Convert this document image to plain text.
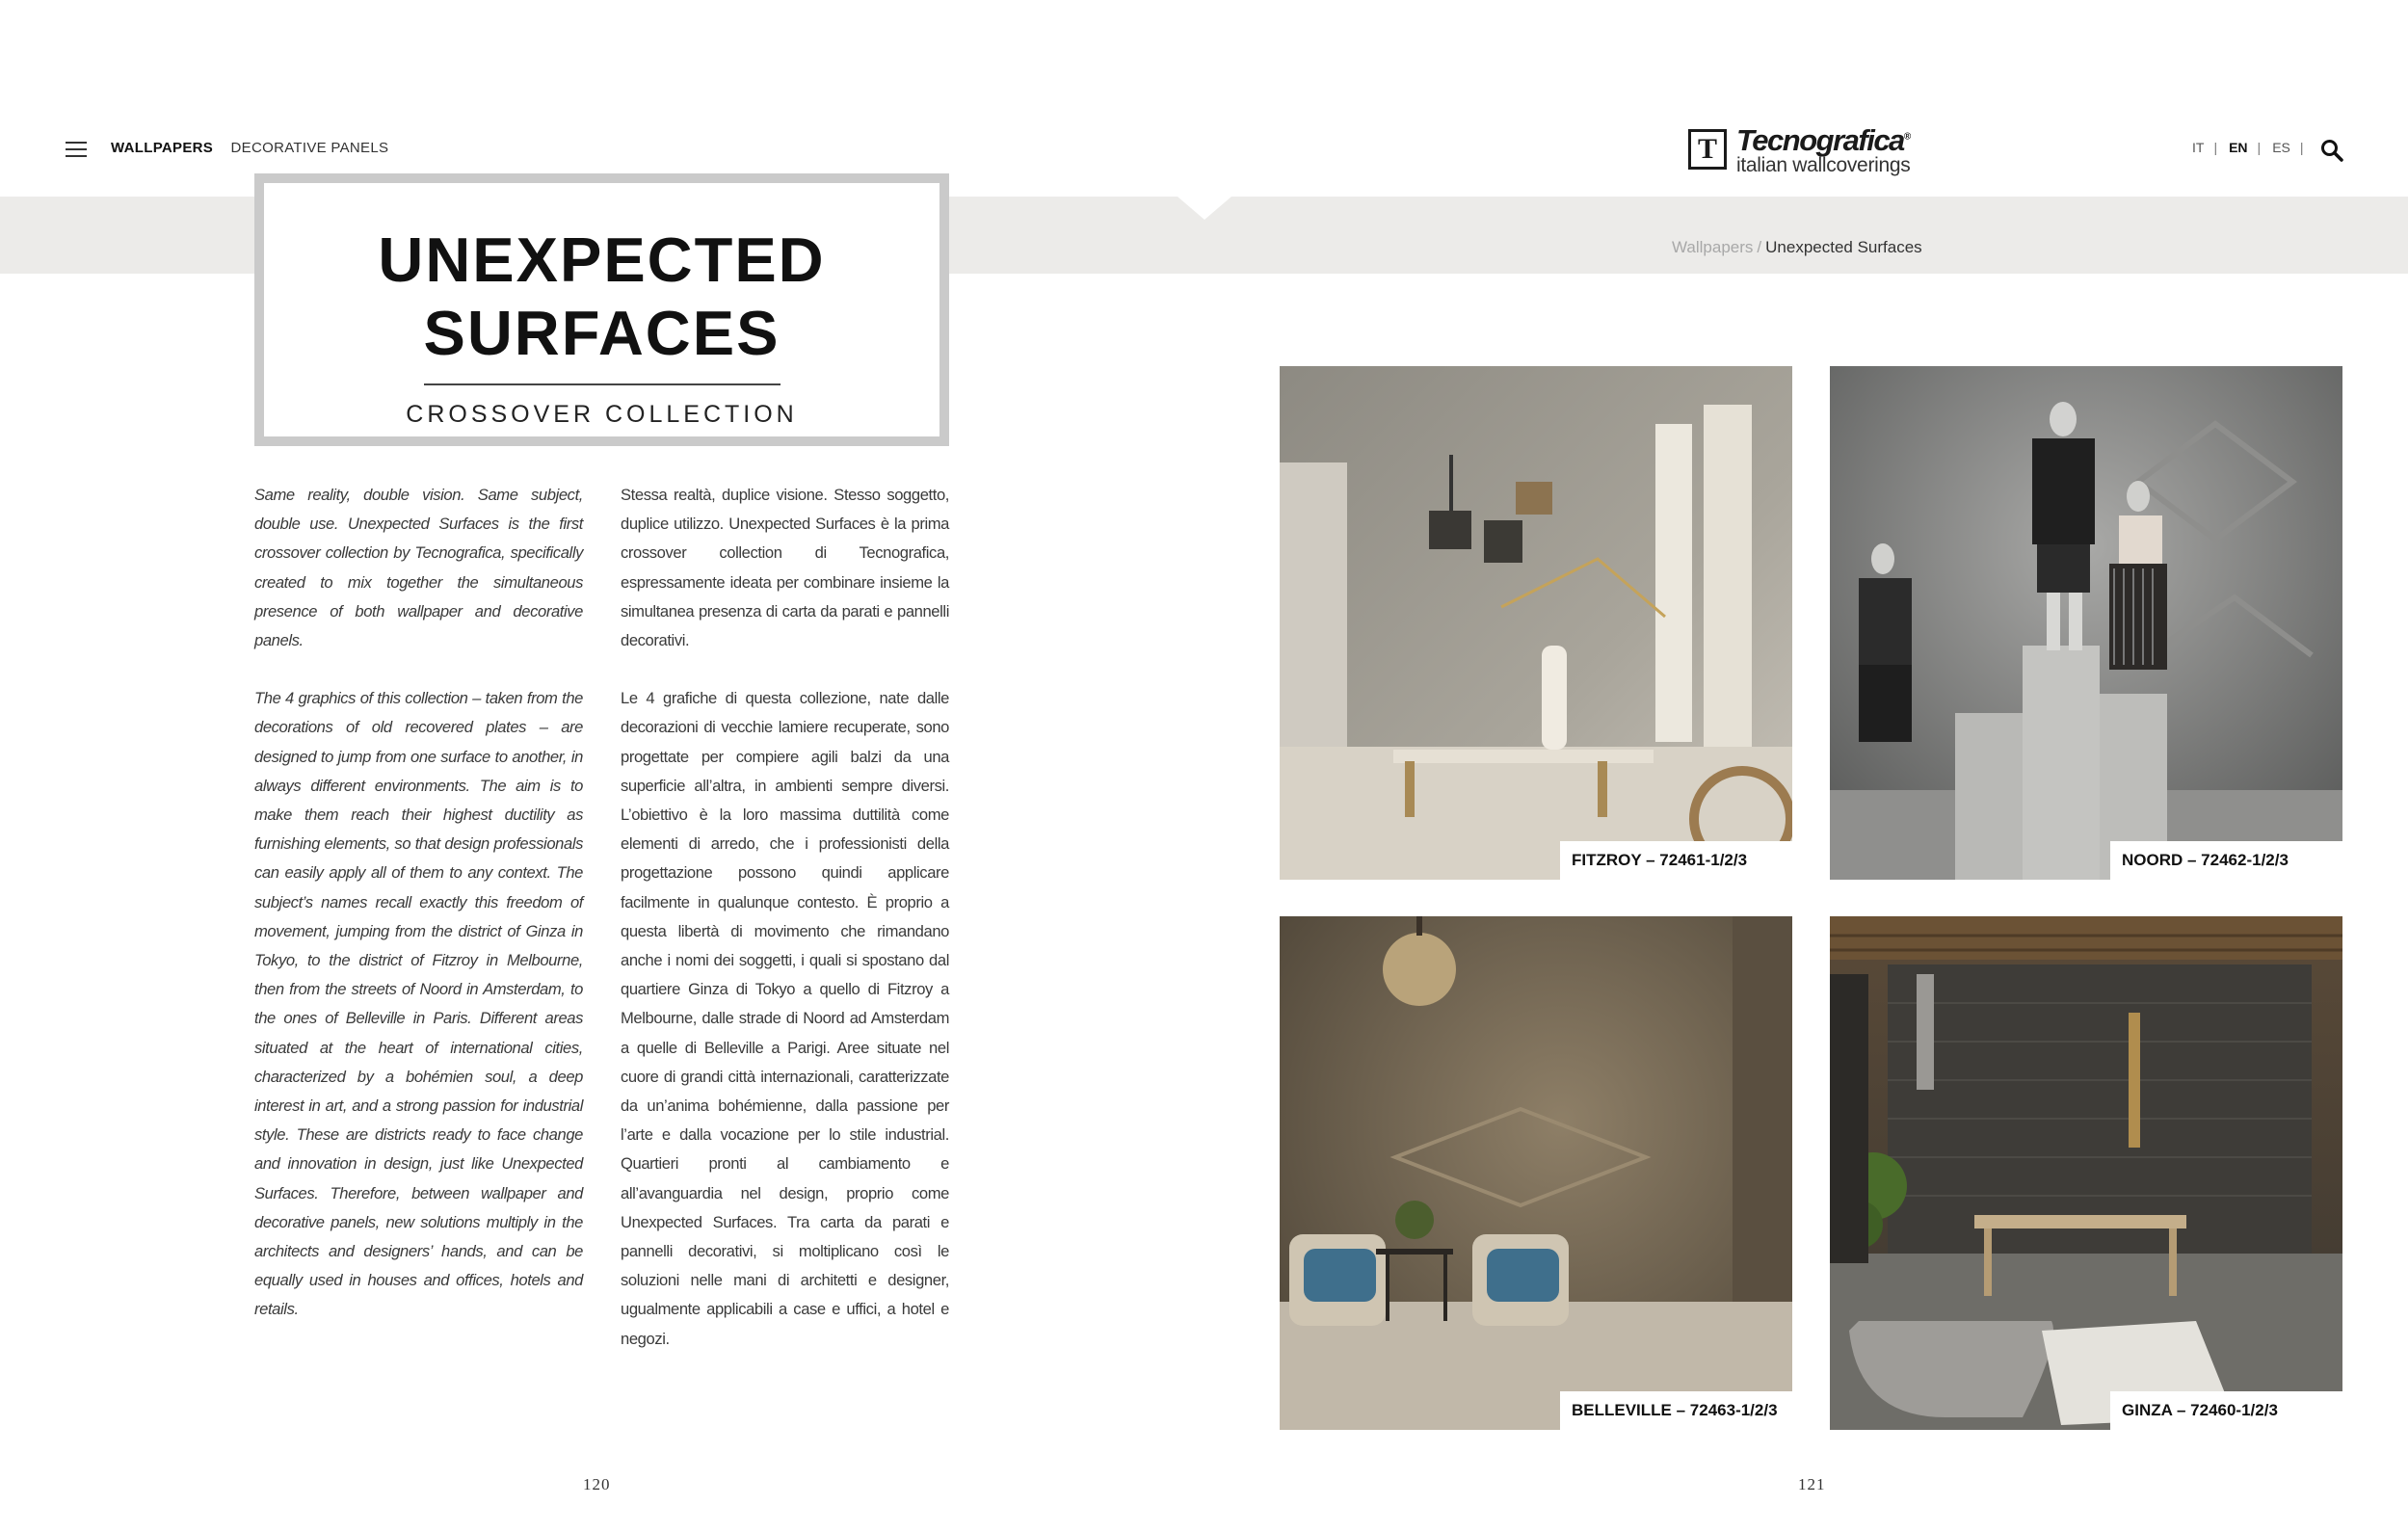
WALLPAPERS DECORATIVE PANELS	T Tecnografica®
italian wallcoverings
IT | EN | ES |
Wallpapers / Unexpected Surfaces
UNEXPECTED
SURFACES
CROSSOVER COLLECTION

Same reality, double vision. Same subject, double use. Unexpected Surfaces is the first crossover collection by Tecnografica, specifically created to mix together the simultaneous presence of both wallpaper and decorative panels.

The 4 graphics of this collection – taken from the decorations of old recovered plates – are designed to jump from one surface to another, in always different environments. The aim is to make them reach their highest ductility as furnishing elements, so that design professionals can easily apply all of them to any context. The subject’s names recall exactly this freedom of movement, jumping from the district of Ginza in Tokyo, to the district of Fitzroy in Melbourne, then from the streets of Noord in Amsterdam, to the ones of Belleville in Paris. Different areas situated at the heart of international cities, characterized by a bohémien soul, a deep interest in art, and a strong passion for industrial style. These are districts ready to face change and innovation in design, just like Unexpected Surfaces. Therefore, between wallpaper and decorative panels, new solutions multiply in the architects and designers’ hands, and can be equally used in houses and offices, hotels and retails.

Stessa realtà, duplice visione. Stesso soggetto, duplice utilizzo. Unexpected Surfaces è la prima crossover collection di Tecnografica, espressamente ideata per combinare insieme la simultanea presenza di carta da parati e pannelli decorativi.

Le 4 grafiche di questa collezione, nate dalle decorazioni di vecchie lamiere recuperate, sono progettate per compiere agili balzi da una superficie all’altra, in ambienti sempre diversi. L’obiettivo è la loro massima duttilità come elementi di arredo, che i professionisti della progettazione possono quindi applicare facilmente in qualunque contesto. È proprio a questa libertà di movimento che rimandano anche i nomi dei soggetti, i quali si spostano dal quartiere Ginza di Tokyo a quello di Fitzroy a Melbourne, dalle strade di Noord ad Amsterdam a quelle di Belleville a Parigi. Aree situate nel cuore di grandi città internazionali, caratterizzate da un’anima bohémienne, dalla passione per l’arte e dalla vocazione per lo stile industrial. Quartieri pronti al cambiamento e all’avanguardia nel design, proprio come Unexpected Surfaces. Tra carta da parati e pannelli decorativi, si moltiplicano così le soluzioni nelle mani di architetti e designer, ugualmente applicabili a case e uffici, a hotel e negozi.

FITZROY – 72461-1/2/3	NOORD – 72462-1/2/3
BELLEVILLE – 72463-1/2/3	GINZA – 72460-1/2/3
120	121
